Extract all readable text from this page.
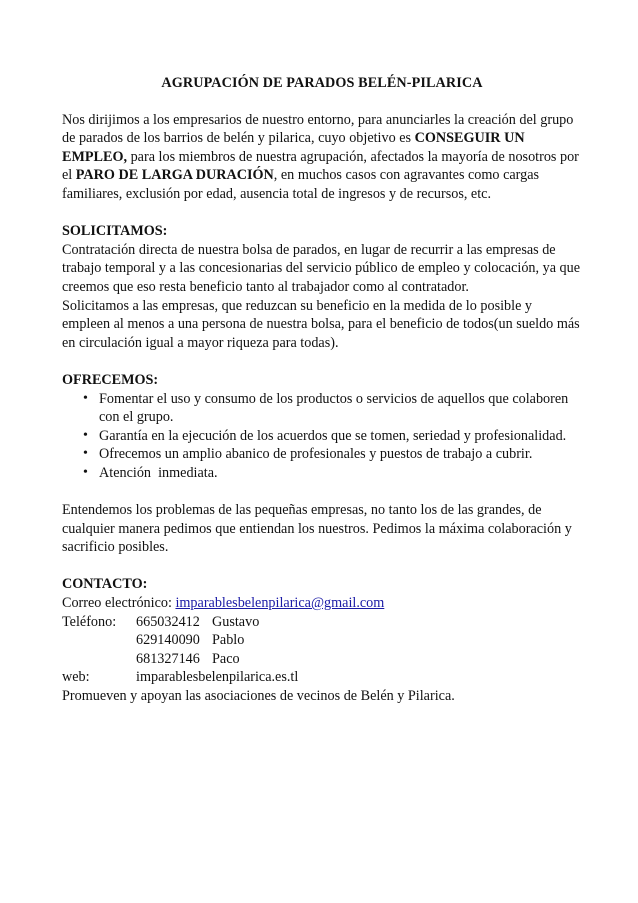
AGRUPACIÓN DE PARADOS BELÉN-PILARICA

Nos dirijimos a los empresarios de nuestro entorno, para anunciarles la creación del grupo de parados de los barrios de belén y pilarica, cuyo objetivo es CONSEGUIR UN EMPLEO, para los miembros de nuestra agrupación, afectados la mayoría de nosotros por el PARO DE LARGA DURACIÓN, en muchos casos con agravantes como cargas familiares, exclusión por edad, ausencia total de ingresos y de recursos, etc.

SOLICITAMOS:

Contratación directa de nuestra bolsa de parados, en lugar de recurrir a las empresas de trabajo temporal y a las concesionarias del servicio público de empleo y colocación, ya que creemos que eso resta beneficio tanto al trabajador como al contratador.

Solicitamos a las empresas, que reduzcan su beneficio en la medida de lo posible y empleen al menos a una persona de nuestra bolsa, para el beneficio de todos(un sueldo más en circulación igual a mayor riqueza para todas).

OFRECEMOS:

• Fomentar el uso y consumo de los productos o servicios de aquellos que colaboren con el grupo.
• Garantía en la ejecución de los acuerdos que se tomen, seriedad y profesionalidad.
• Ofrecemos un amplio abanico de profesionales y puestos de trabajo a cubrir.
• Atención  inmediata.

Entendemos los problemas de las pequeñas empresas, no tanto los de las grandes, de cualquier manera pedimos que entiendan los nuestros. Pedimos la máxima colaboración y sacrificio posibles.

CONTACTO:

Correo electrónico: imparablesbelenpilarica@gmail.com

Teléfono:	665032412 Gustavo
629140090 Pablo
681327146 Paco
web:	imparablesbelenpilarica.es.tl

Promueven y apoyan las asociaciones de vecinos de Belén y Pilarica.
